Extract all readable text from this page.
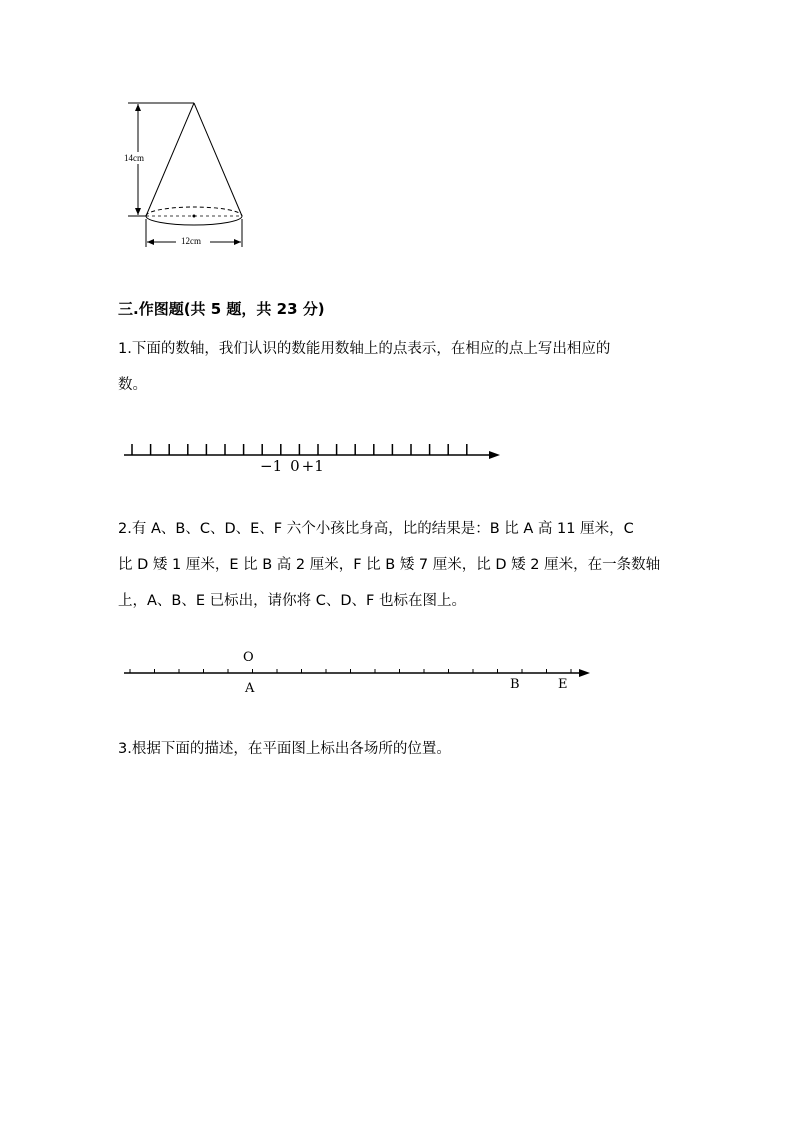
14cm
12cm
三.作图题(共 5 题，共 23 分)
1.下面的数轴，我们认识的数能用数轴上的点表示，在相应的点上写出相应的
数。
−1 0 +1
2.有 A、B、C、D、E、F 六个小孩比身高，比的结果是：B 比 A 高 11 厘米，C
比 D 矮 1 厘米，E 比 B 高 2 厘米，F 比 B 矮 7 厘米，比 D 矮 2 厘米，在一条数轴
上，A、B、E 已标出，请你将 C、D、F 也标在图上。
O
A	B	E
3.根据下面的描述，在平面图上标出各场所的位置。
